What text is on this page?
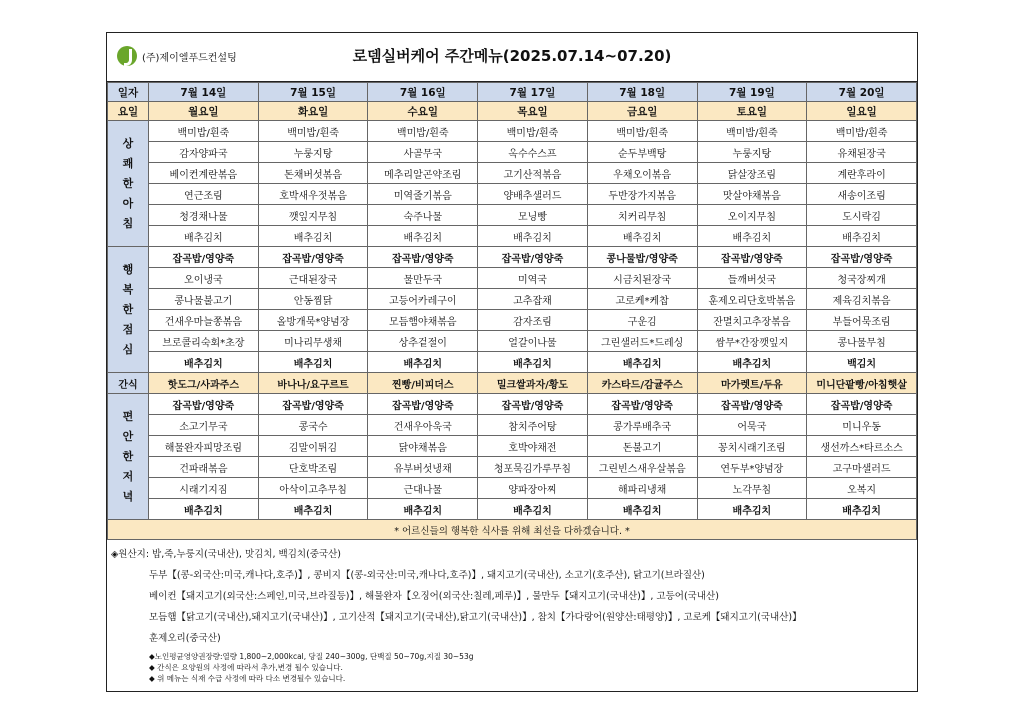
(주)제이엘푸드컨설팅	로뎀실버케어 주간메뉴(2025.07.14~07.20)
일자	7월 14일	7월 15일	7월 16일	7월 17일	7월 18일	7월 19일	7월 20일
요일	월요일	화요일	수요일	목요일	금요일	토요일	일요일

상
쾌
한
아
침	백미밥/흰죽	백미밥/흰죽	백미밥/흰죽	백미밥/흰죽	백미밥/흰죽	백미밥/흰죽	백미밥/흰죽
	감자양파국	누룽지탕	사골무국	옥수수스프	순두부백탕	누룽지탕	유채된장국
	베이컨계란볶음	돈채버섯볶음	메추리알곤약조림	고기산적볶음	우채오이볶음	닭살장조림	계란후라이
	연근조림	호박새우젓볶음	미역줄기볶음	양배추샐러드	두반장가지볶음	맛살야채볶음	새송이조림
	청경채나물	깻잎지무침	숙주나물	모닝빵	치커리무침	오이지무침	도시락김
	배추김치	배추김치	배추김치	배추김치	배추김치	배추김치	배추김치

행
복
한
점
심	잡곡밥/영양죽	잡곡밥/영양죽	잡곡밥/영양죽	잡곡밥/영양죽	콩나물밥/영양죽	잡곡밥/영양죽	잡곡밥/영양죽
	오이냉국	근대된장국	물만두국	미역국	시금치된장국	들깨버섯국	청국장찌개
	콩나물불고기	안동찜닭	고등어카레구이	고추잡채	고로케*케찹	훈제오리단호박볶음	제육김치볶음
	건새우마늘쫑볶음	올방개묵*양념장	모듬햄야채볶음	감자조림	구운김	잔멸치고추장볶음	부들어묵조림
	브로콜리숙회*초장	미나리무생채	상추겉절이	얼갈이나물	그린샐러드*드레싱	쌈무*간장깻잎지	콩나물무침
	배추김치	배추김치	배추김치	배추김치	배추김치	배추김치	백김치
간식	핫도그/사과주스	바나나/요구르트	찐빵/비피더스	밀크쌀과자/황도	카스타드/감귤주스	마가렛트/두유	미니단팥빵/아침햇살

편
안
한
저
녁	잡곡밥/영양죽	잡곡밥/영양죽	잡곡밥/영양죽	잡곡밥/영양죽	잡곡밥/영양죽	잡곡밥/영양죽	잡곡밥/영양죽
	소고기무국	콩국수	건새우아욱국	참치주어탕	콩가루배추국	어묵국	미니우동
	해물완자피망조림	김말이튀김	닭야채볶음	호박야채전	돈불고기	꽁치시래기조림	생선까스*타르소스
	건파래볶음	단호박조림	유부버섯냉채	청포묵김가루무침	그린빈스새우살볶음	연두부*양념장	고구마샐러드
	시래기지짐	아삭이고추무침	근대나물	양파장아찌	해파리냉채	노각무침	오복지
	배추김치	배추김치	배추김치	배추김치	배추김치	배추김치	배추김치
* 어르신들의 행복한 식사를 위해 최선을 다하겠습니다. *							
◈원산지: 밥,죽,누룽지(국내산), 맛김치, 백김치(중국산)
두부【(콩-외국산:미국,캐나다,호주)】, 콩비지【(콩-외국산:미국,캐나다,호주)】, 돼지고기(국내산), 소고기(호주산), 닭고기(브라질산)
베이컨【돼지고기(외국산:스페인,미국,브라질등)】, 해물완자【오징어(외국산:칠레,페루)】, 물만두【돼지고기(국내산)】, 고등어(국내산)
모듬햄【닭고기(국내산),돼지고기(국내산)】, 고기산적【돼지고기(국내산),닭고기(국내산)】, 참치【가다랑어(원양산:태평양)】, 고로케【돼지고기(국내산)】
훈제오리(중국산)
◆노인평균영양권장량:열량 1,800~2,000kcal, 당질 240~300g, 단백질 50~70g,지질 30~53g
◆ 간식은 요양원의 사정에 따라서 추가,변경 될수 있습니다.
◆ 위 메뉴는 식재 수급 사정에 따라 다소 변경될수 있습니다.
